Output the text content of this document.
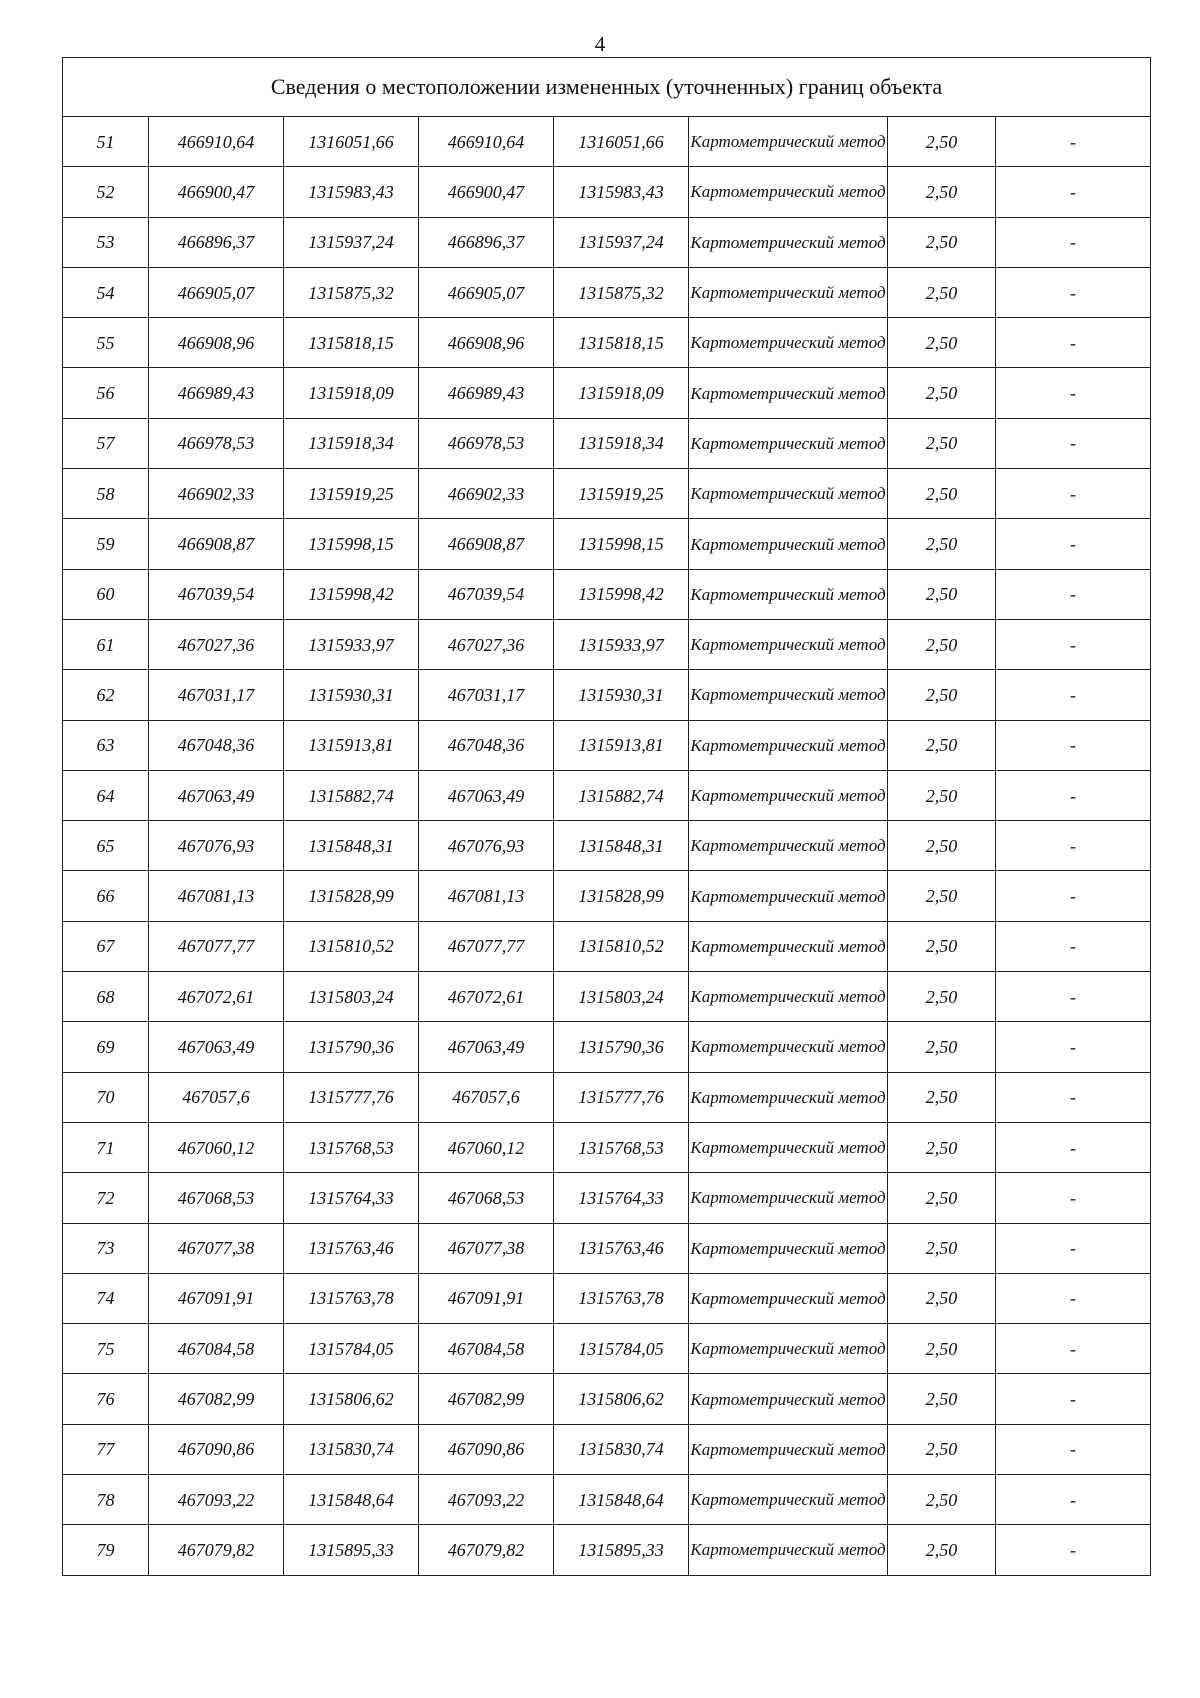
4
Сведения о местоположении измененных (уточненных) границ объекта							
51	466910,64	1316051,66	466910,64	1316051,66	Картометрический метод	2,50	-
52	466900,47	1315983,43	466900,47	1315983,43	Картометрический метод	2,50	-
53	466896,37	1315937,24	466896,37	1315937,24	Картометрический метод	2,50	-
54	466905,07	1315875,32	466905,07	1315875,32	Картометрический метод	2,50	-
55	466908,96	1315818,15	466908,96	1315818,15	Картометрический метод	2,50	-
56	466989,43	1315918,09	466989,43	1315918,09	Картометрический метод	2,50	-
57	466978,53	1315918,34	466978,53	1315918,34	Картометрический метод	2,50	-
58	466902,33	1315919,25	466902,33	1315919,25	Картометрический метод	2,50	-
59	466908,87	1315998,15	466908,87	1315998,15	Картометрический метод	2,50	-
60	467039,54	1315998,42	467039,54	1315998,42	Картометрический метод	2,50	-
61	467027,36	1315933,97	467027,36	1315933,97	Картометрический метод	2,50	-
62	467031,17	1315930,31	467031,17	1315930,31	Картометрический метод	2,50	-
63	467048,36	1315913,81	467048,36	1315913,81	Картометрический метод	2,50	-
64	467063,49	1315882,74	467063,49	1315882,74	Картометрический метод	2,50	-
65	467076,93	1315848,31	467076,93	1315848,31	Картометрический метод	2,50	-
66	467081,13	1315828,99	467081,13	1315828,99	Картометрический метод	2,50	-
67	467077,77	1315810,52	467077,77	1315810,52	Картометрический метод	2,50	-
68	467072,61	1315803,24	467072,61	1315803,24	Картометрический метод	2,50	-
69	467063,49	1315790,36	467063,49	1315790,36	Картометрический метод	2,50	-
70	467057,6	1315777,76	467057,6	1315777,76	Картометрический метод	2,50	-
71	467060,12	1315768,53	467060,12	1315768,53	Картометрический метод	2,50	-
72	467068,53	1315764,33	467068,53	1315764,33	Картометрический метод	2,50	-
73	467077,38	1315763,46	467077,38	1315763,46	Картометрический метод	2,50	-
74	467091,91	1315763,78	467091,91	1315763,78	Картометрический метод	2,50	-
75	467084,58	1315784,05	467084,58	1315784,05	Картометрический метод	2,50	-
76	467082,99	1315806,62	467082,99	1315806,62	Картометрический метод	2,50	-
77	467090,86	1315830,74	467090,86	1315830,74	Картометрический метод	2,50	-
78	467093,22	1315848,64	467093,22	1315848,64	Картометрический метод	2,50	-
79	467079,82	1315895,33	467079,82	1315895,33	Картометрический метод	2,50	-
